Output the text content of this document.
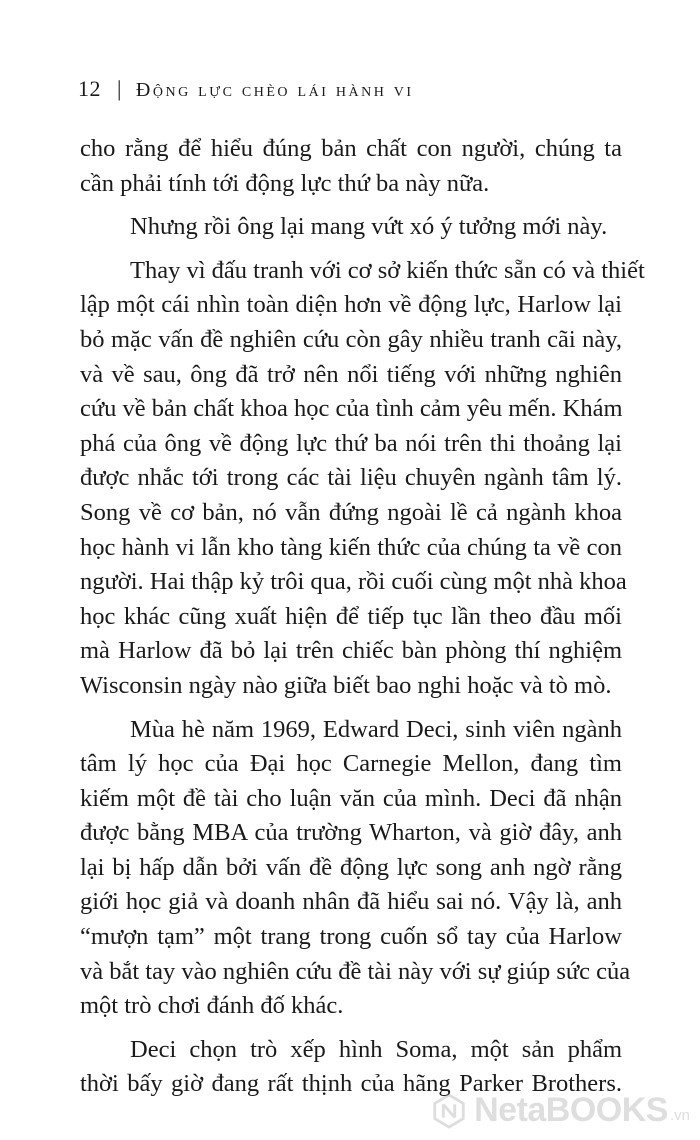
12 | Động lực chèo lái hành vi
cho rằng để hiểu đúng bản chất con người, chúng ta
cần phải tính tới động lực thứ ba này nữa.
Nhưng rồi ông lại mang vứt xó ý tưởng mới này.
Thay vì đấu tranh với cơ sở kiến thức sẵn có và thiết
lập một cái nhìn toàn diện hơn về động lực, Harlow lại
bỏ mặc vấn đề nghiên cứu còn gây nhiều tranh cãi này,
và về sau, ông đã trở nên nổi tiếng với những nghiên
cứu về bản chất khoa học của tình cảm yêu mến. Khám
phá của ông về động lực thứ ba nói trên thi thoảng lại
được nhắc tới trong các tài liệu chuyên ngành tâm lý.
Song về cơ bản, nó vẫn đứng ngoài lề cả ngành khoa
học hành vi lẫn kho tàng kiến thức của chúng ta về con
người. Hai thập kỷ trôi qua, rồi cuối cùng một nhà khoa
học khác cũng xuất hiện để tiếp tục lần theo đầu mối
mà Harlow đã bỏ lại trên chiếc bàn phòng thí nghiệm
Wisconsin ngày nào giữa biết bao nghi hoặc và tò mò.
Mùa hè năm 1969, Edward Deci, sinh viên ngành
tâm lý học của Đại học Carnegie Mellon, đang tìm
kiếm một đề tài cho luận văn của mình. Deci đã nhận
được bằng MBA của trường Wharton, và giờ đây, anh
lại bị hấp dẫn bởi vấn đề động lực song anh ngờ rằng
giới học giả và doanh nhân đã hiểu sai nó. Vậy là, anh
“mượn tạm” một trang trong cuốn sổ tay của Harlow
và bắt tay vào nghiên cứu đề tài này với sự giúp sức của
một trò chơi đánh đố khác.
Deci chọn trò xếp hình Soma, một sản phẩm
thời bấy giờ đang rất thịnh của hãng Parker Brothers.
NetaBOOKS .vn
